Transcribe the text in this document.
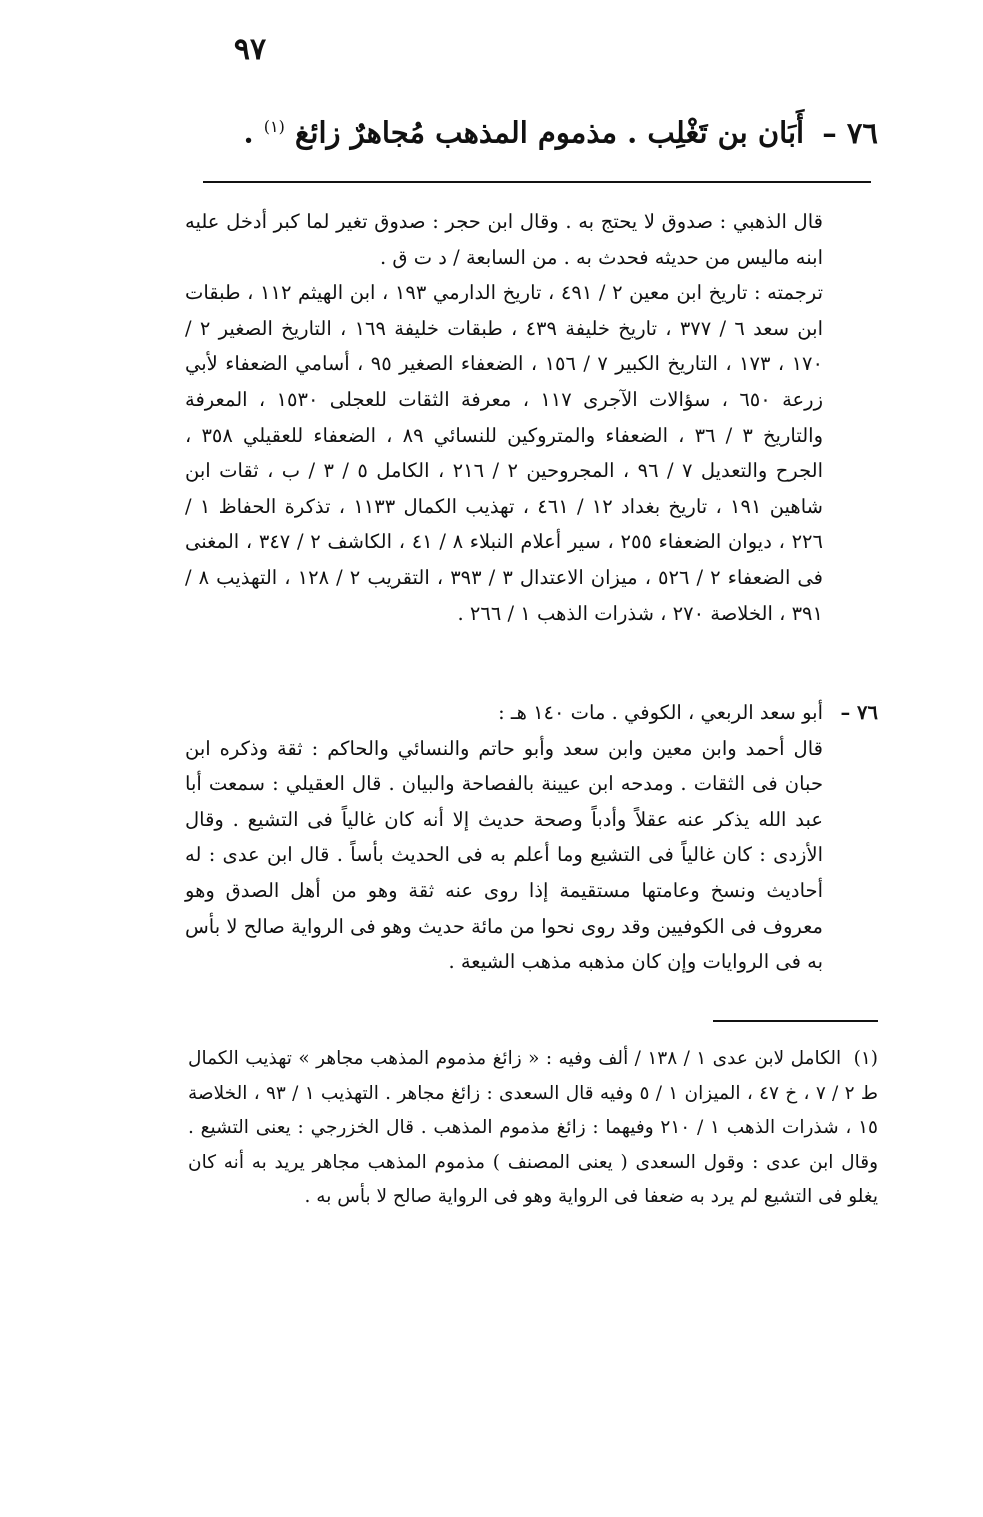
٩٧
٧٦ – أَبَان بن تَغْلِب . مذموم المذهب مُجاهرٌ زائغ $^{(١)}$ .

قال الذهبي : صدوق لا يحتج به . وقال ابن حجر : صدوق تغير لما كبر أدخل عليه ابنه ماليس من حديثه فحدث به . من السابعة / د ت ق .

ترجمته : تاريخ ابن معين ٢ / ٤٩١ ، تاريخ الدارمي ١٩٣ ، ابن الهيثم ١١٢ ، طبقات ابن سعد ٦ / ٣٧٧ ، تاريخ خليفة ٤٣٩ ، طبقات خليفة ١٦٩ ، التاريخ الصغير ٢ / ١٧٠ ، ١٧٣ ، التاريخ الكبير ٧ / ١٥٦ ، الضعفاء الصغير ٩٥ ، أسامي الضعفاء لأبي زرعة ٦٥٠ ، سؤالات الآجرى ١١٧ ، معرفة الثقات للعجلى ١٥٣٠ ، المعرفة والتاريخ ٣ / ٣٦ ، الضعفاء والمتروكين للنسائي ٨٩ ، الضعفاء للعقيلي ٣٥٨ ، الجرح والتعديل ٧ / ٩٦ ، المجروحين ٢ / ٢١٦ ، الكامل ٥ / ٣ / ب ، ثقات ابن شاهين ١٩١ ، تاريخ بغداد ١٢ / ٤٦١ ، تهذيب الكمال ١١٣٣ ، تذكرة الحفاظ ١ / ٢٢٦ ، ديوان الضعفاء ٢٥٥ ، سير أعلام النبلاء ٨ / ٤١ ، الكاشف ٢ / ٣٤٧ ، المغنى فى الضعفاء ٢ / ٥٢٦ ، ميزان الاعتدال ٣ / ٣٩٣ ، التقريب ٢ / ١٢٨ ، التهذيب ٨ / ٣٩١ ، الخلاصة ٢٧٠ ، شذرات الذهب ١ / ٢٦٦ .

٧٦ –
أبو سعد الربعي ، الكوفي . مات ١٤٠ هـ :
قال أحمد وابن معين وابن سعد وأبو حاتم والنسائي والحاكم : ثقة وذكره ابن حبان فى الثقات . ومدحه ابن عيينة بالفصاحة والبيان . قال العقيلي : سمعت أبا عبد الله يذكر عنه عقلاً وأدباً وصحة حديث إلا أنه كان غالياً فى التشيع . وقال الأزدى : كان غالياً فى التشيع وما أعلم به فى الحديث بأساً . قال ابن عدى : له أحاديث ونسخ وعامتها مستقيمة إذا روى عنه ثقة وهو من أهل الصدق وهو معروف فى الكوفيين وقد روى نحوا من مائة حديث وهو فى الرواية صالح لا بأس به فى الروايات وإن كان مذهبه مذهب الشيعة .
(١) الكامل لابن عدى ١ / ١٣٨ / ألف وفيه : « زائغ مذموم المذهب مجاهر » تهذيب الكمال ط ٢ / ٧ ، خ ٤٧ ، الميزان ١ / ٥ وفيه قال السعدى : زائغ مجاهر . التهذيب ١ / ٩٣ ، الخلاصة ١٥ ، شذرات الذهب ١ / ٢١٠ وفيهما : زائغ مذموم المذهب . قال الخزرجي : يعنى التشيع . وقال ابن عدى : وقول السعدى ( يعنى المصنف ) مذموم المذهب مجاهر يريد به أنه كان يغلو فى التشيع لم يرد به ضعفا فى الرواية وهو فى الرواية صالح لا بأس به .
